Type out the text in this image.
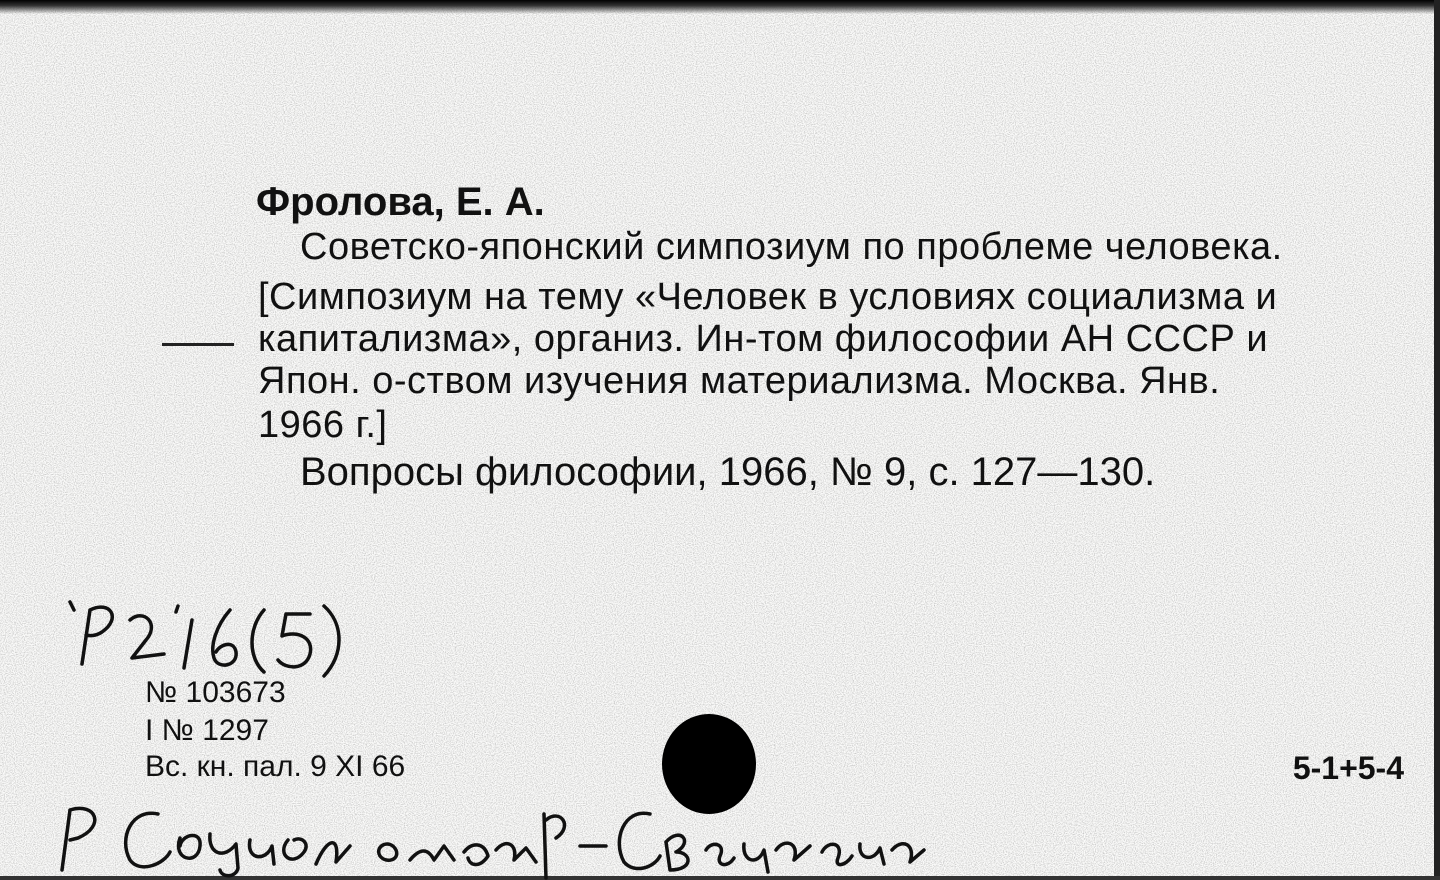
Фролова, Е. А.
Советско-японский симпозиум по проблеме человека.
[Симпозиум на тему «Человек в условиях социализма и
капитализма», организ. Ин-том философии АН СССР и
Япон. о-ством изучения материализма. Москва. Янв.
1966 г.]
Вопросы философии, 1966, № 9, с. 127—130.
№ 103673
I № 1297
Вс. кн. пал. 9 XI 66	5-1+5-4
